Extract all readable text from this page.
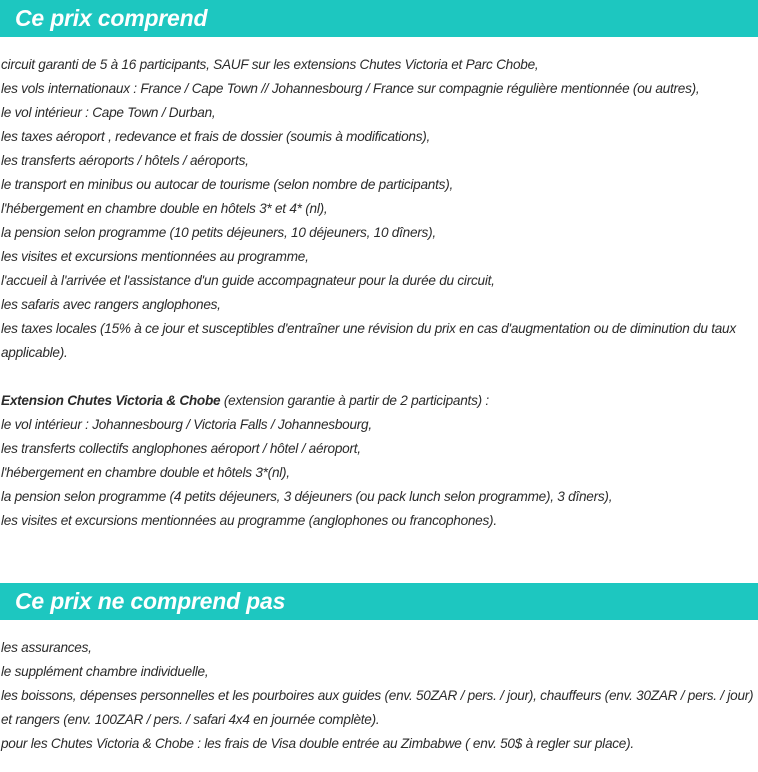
Ce prix comprend
circuit garanti de 5 à 16 participants, SAUF sur les extensions Chutes Victoria et Parc Chobe,
les vols internationaux : France / Cape Town // Johannesbourg / France sur compagnie régulière mentionnée (ou autres),
le vol intérieur : Cape Town / Durban,
les taxes aéroport , redevance et frais de dossier (soumis à modifications),
les transferts aéroports / hôtels / aéroports,
le transport en minibus ou autocar de tourisme (selon nombre de participants),
l'hébergement en chambre double en hôtels 3* et 4* (nl),
la pension selon programme (10 petits déjeuners, 10 déjeuners, 10 dîners),
les visites et excursions mentionnées au programme,
l'accueil à l'arrivée et l'assistance d'un guide accompagnateur pour la durée du circuit,
les safaris avec rangers anglophones,
les taxes locales (15% à ce jour et susceptibles d'entraîner une révision du prix en cas d'augmentation ou de diminution du taux applicable).
Extension Chutes Victoria & Chobe (extension garantie à partir de 2 participants) :
le vol intérieur : Johannesbourg / Victoria Falls / Johannesbourg,
les transferts collectifs anglophones aéroport / hôtel / aéroport,
l'hébergement en chambre double et hôtels 3*(nl),
la pension selon programme (4 petits déjeuners, 3 déjeuners (ou pack lunch selon programme), 3 dîners),
les visites et excursions mentionnées au programme (anglophones ou francophones).
Ce prix ne comprend pas
les assurances,
le supplément chambre individuelle,
les boissons, dépenses personnelles et les pourboires aux guides (env. 50ZAR / pers. / jour), chauffeurs (env. 30ZAR / pers. / jour) et rangers (env. 100ZAR / pers. / safari 4x4 en journée complète).
pour les Chutes Victoria & Chobe : les frais de Visa double entrée au Zimbabwe ( env. 50$ à regler sur place).
